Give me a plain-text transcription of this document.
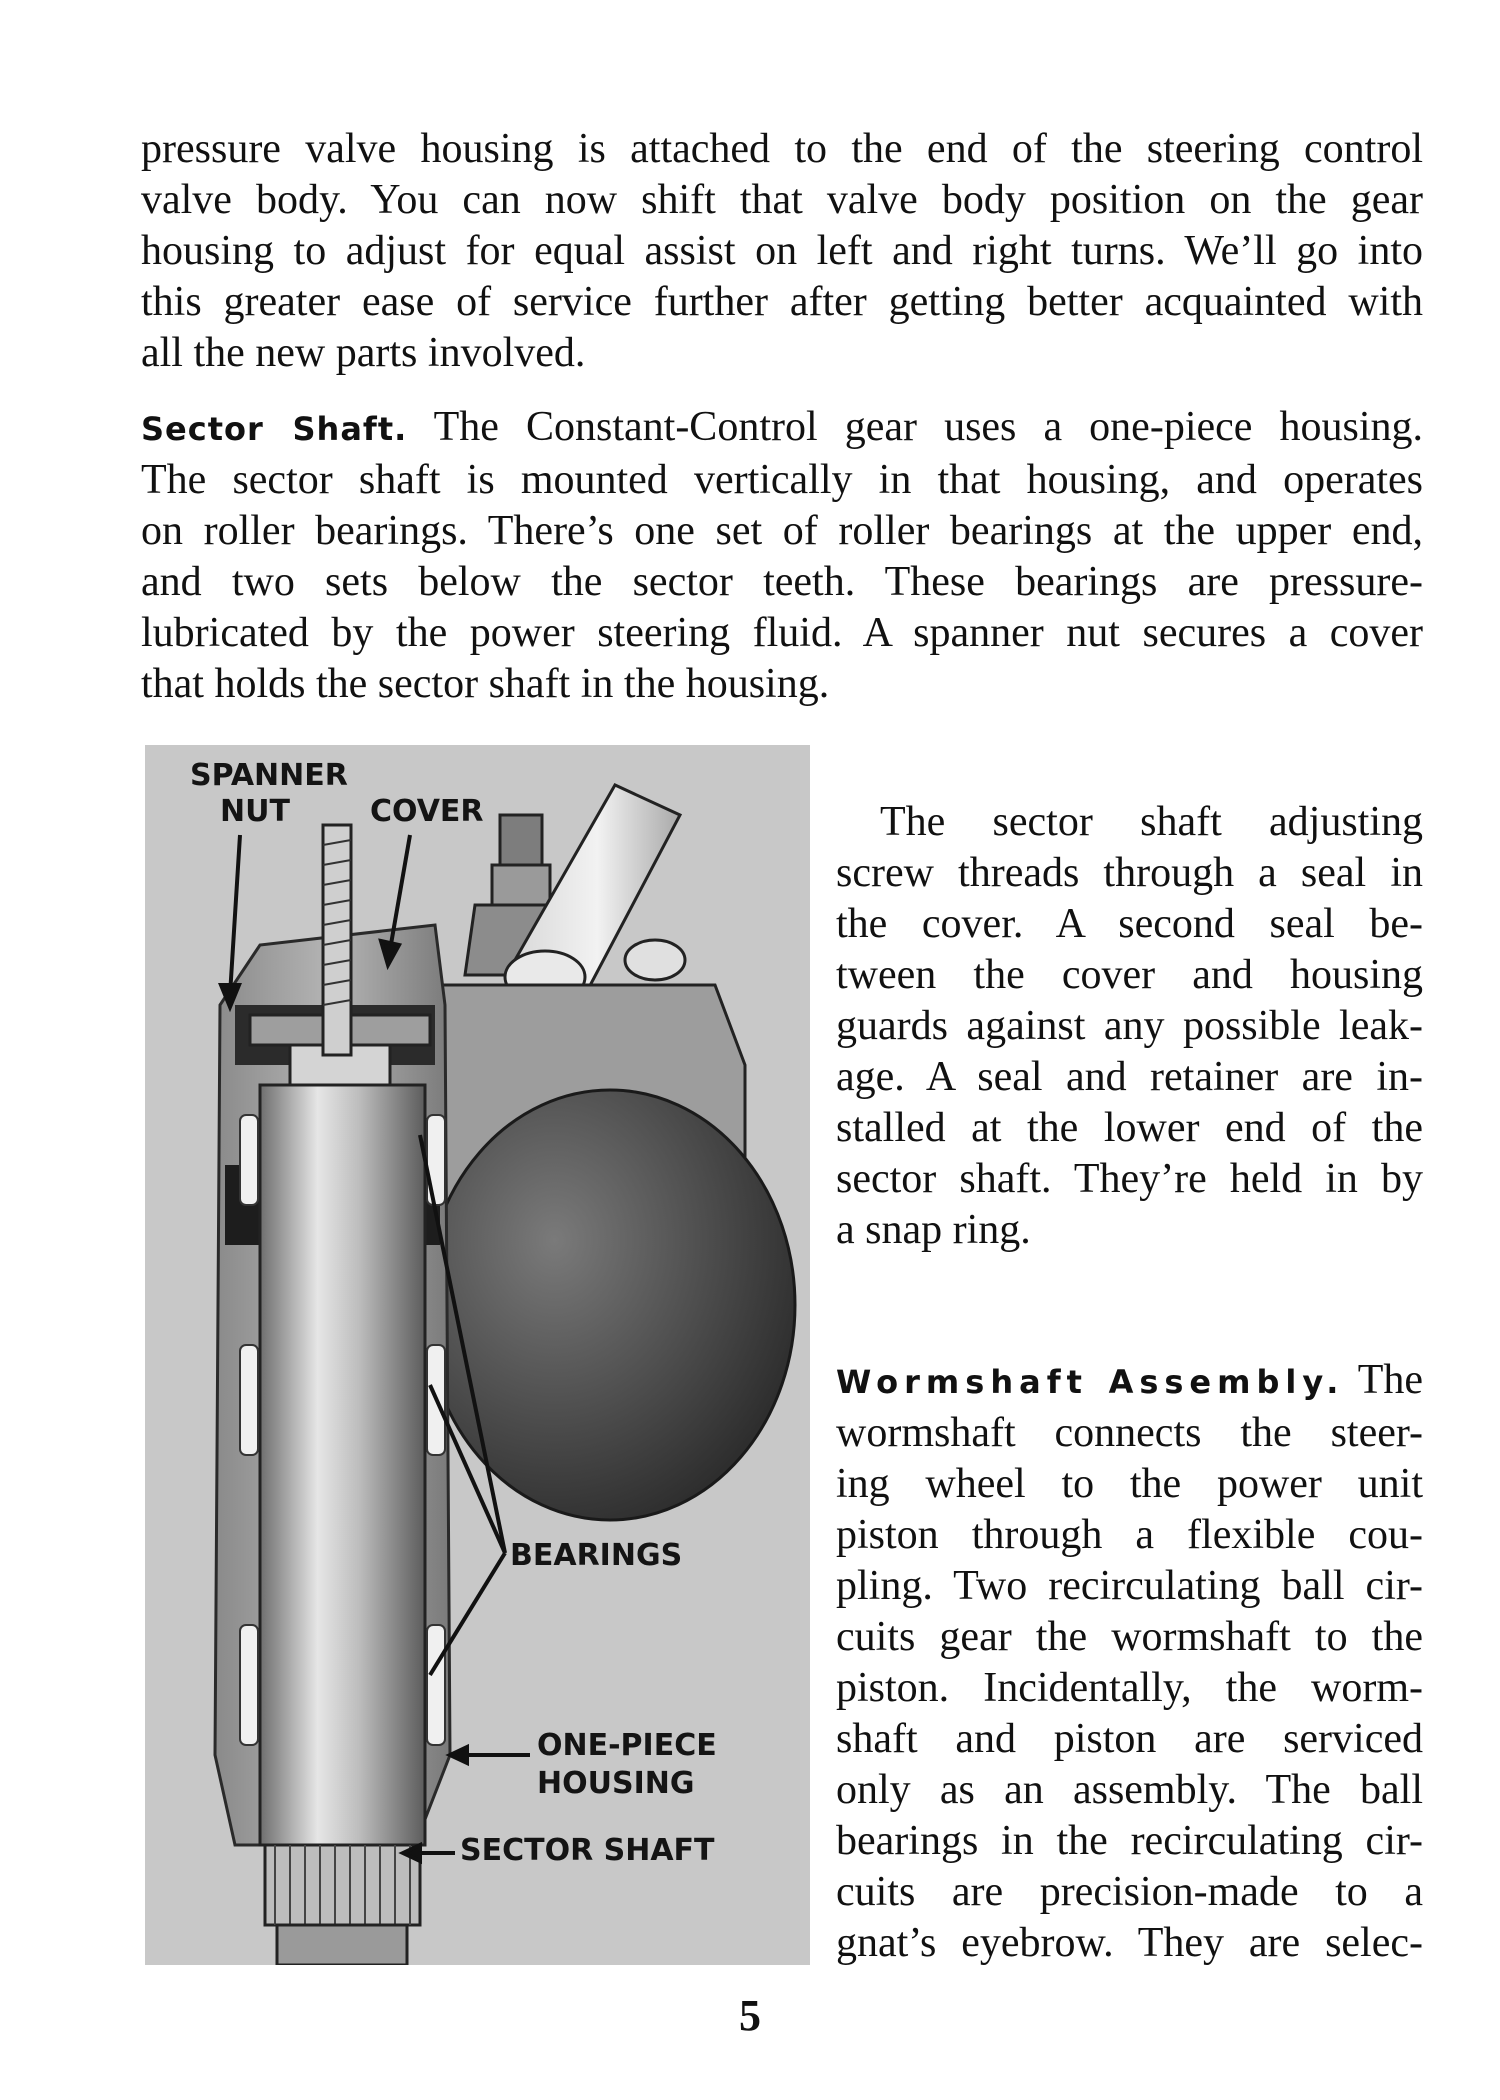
pressure valve housing is attached to the end of the steering control
valve body. You can now shift that valve body position on the gear
housing to adjust for equal assist on left and right turns. We’ll go into
this greater ease of service further after getting better acquainted with
all the new parts involved.
Sector Shaft. The Constant-Control gear uses a one-piece housing.
The sector shaft is mounted vertically in that housing, and operates
on roller bearings. There’s one set of roller bearings at the upper end,
and two sets below the sector teeth. These bearings are pressure-
lubricated by the power steering fluid. A spanner nut secures a cover
that holds the sector shaft in the housing.
SPANNER
NUT	COVER
BEARINGS
ONE-PIECE
HOUSING
SECTOR SHAFT
The sector shaft adjusting
screw threads through a seal in
the cover. A second seal be-
tween the cover and housing
guards against any possible leak-
age. A seal and retainer are in-
stalled at the lower end of the
sector shaft. They’re held in by
a snap ring.
Wormshaft Assembly. The
wormshaft connects the steer-
ing wheel to the power unit
piston through a flexible cou-
pling. Two recirculating ball cir-
cuits gear the wormshaft to the
piston. Incidentally, the worm-
shaft and piston are serviced
only as an assembly. The ball
bearings in the recirculating cir-
cuits are precision-made to a
gnat’s eyebrow. They are selec-
5
